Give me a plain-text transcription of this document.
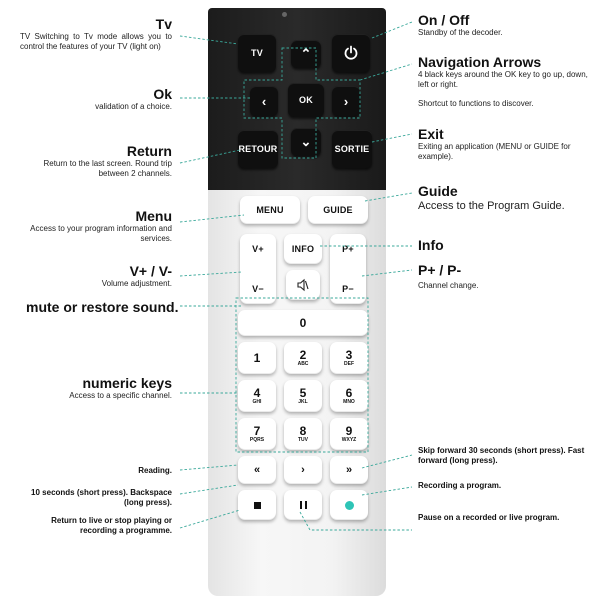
TV	⌃
‹	OK ›
RETOUR ⌄	SORTIE
MENU	GUIDE
V+
V−
INFO	P+
P−
0
1	2
ABC
3
DEF
4
GHI
5
JKL
6
MNO
7
PQRS
8
TUV
9
WXYZ
«	›	»
Tv
TV Switching to Tv mode allows you to control the features of your TV (light on)
Ok
validation of a choice.
Return
Return to the last screen. Round trip between 2 channels.
Menu
Access to your program information and services.
V+ / V-
Volume adjustment.
mute or restore sound.
numeric keys
Access to a specific channel.
Reading.
10 seconds (short press). Backspace (long press).
Return to live or stop playing or recording a programme.
On / Off
Standby of the decoder.
Navigation Arrows
4 black keys around the OK key to go up, down, left or right.
Shortcut to functions to discover.
Exit
Exiting an application (MENU or GUIDE for example).
Guide
Access to the Program Guide.
Info
P+ / P-
Channel change.
Skip forward 30 seconds (short press). Fast forward (long press).
Recording a program.
Pause on a recorded or live program.
